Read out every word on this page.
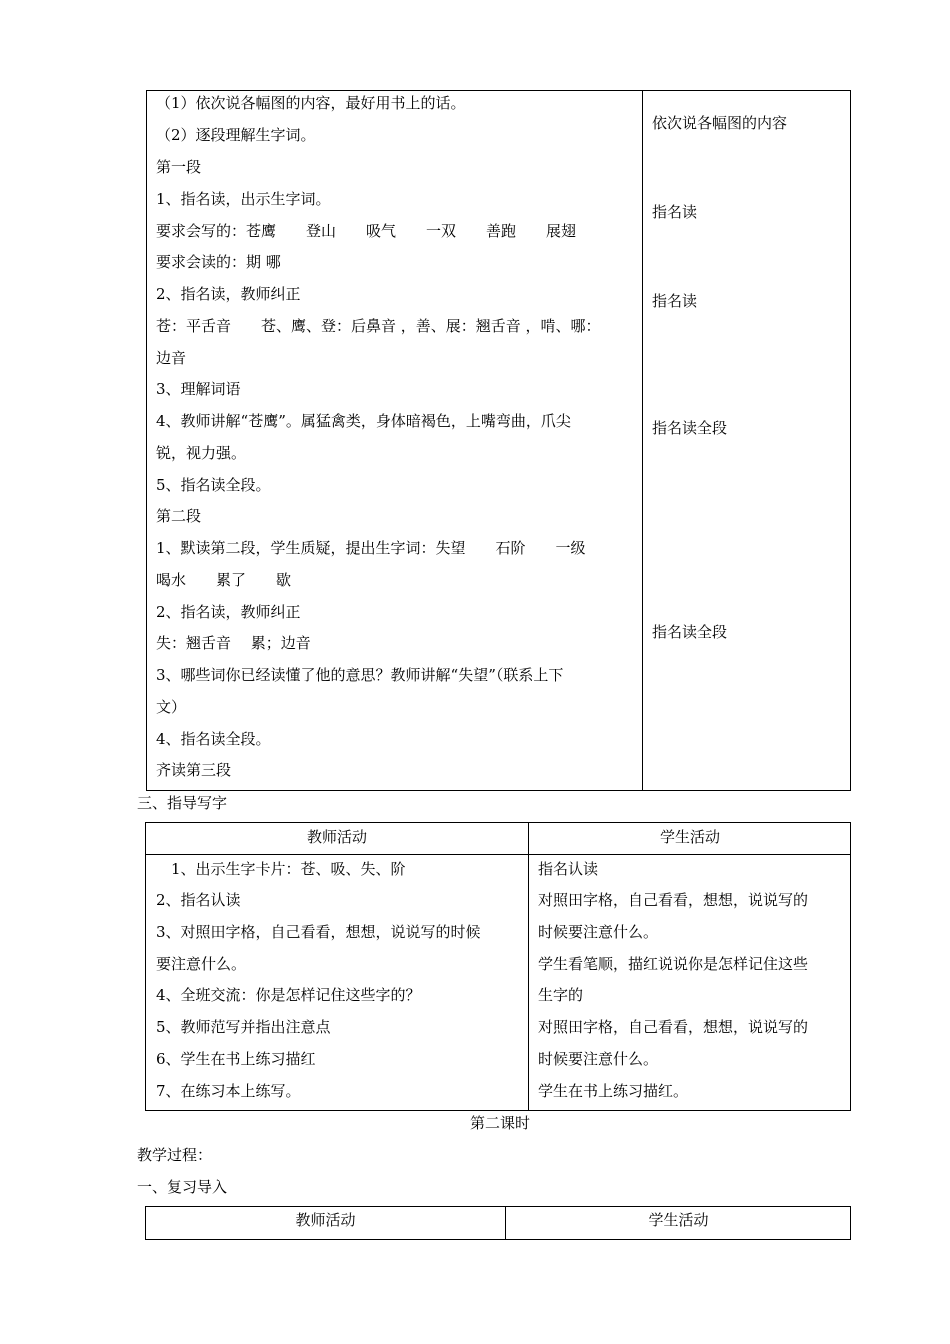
（1）依次说各幅图的内容，最好用书上的话。
（2）逐段理解生字词。
第一段
1、指名读，出示生字词。
要求会写的：苍鹰　　登山　　吸气　　一双　　善跑　　展翅
要求会读的：期 哪
2、指名读，教师纠正
苍：平舌音　　苍、鹰、登：后鼻音 ，善、展：翘舌音 ，啃、哪：
边音
3、理解词语
4、教师讲解“苍鹰”。属猛禽类，身体暗褐色，上嘴弯曲，爪尖
锐，视力强。
5、指名读全段。
第二段
1、默读第二段，学生质疑，提出生字词：失望　　石阶　　一级
喝水　　累了　　歇
2、指名读，教师纠正
失：翘舌音　 累；边音
3、哪些词你已经读懂了他的意思？教师讲解“失望”（联系上下
文）
4、指名读全段。
齐读第三段
依次说各幅图的内容
指名读
指名读
指名读全段
指名读全段
三、指导写字
教师活动	学生活动
　1、出示生字卡片：苍、吸、失、阶
2、指名认读
3、对照田字格，自己看看，想想，说说写的时候
要注意什么。
4、全班交流：你是怎样记住这些字的？
5、教师范写并指出注意点
6、学生在书上练习描红
7、在练习本上练写。
指名认读
对照田字格，自己看看，想想，说说写的
时候要注意什么。
学生看笔顺，描红说说你是怎样记住这些
生字的
对照田字格，自己看看，想想，说说写的
时候要注意什么。
学生在书上练习描红。
第二课时
教学过程：
一、复习导入
教师活动	学生活动
